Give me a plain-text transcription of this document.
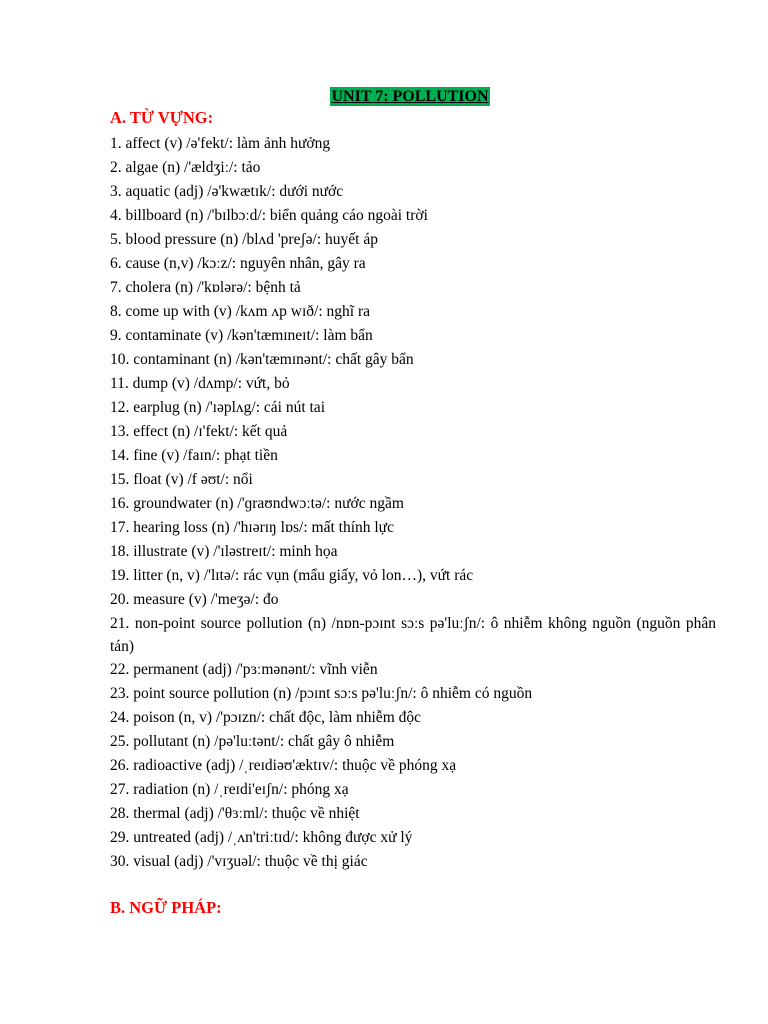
UNIT 7: POLLUTION
A. TỪ VỰNG:
1. affect (v) /ə'fekt/: làm ảnh hưởng
2. algae (n) /'ældʒiː/: tảo
3. aquatic (adj) /ə'kwætɪk/: dưới nước
4. billboard (n) /'bɪlbɔːd/: biển quảng cáo ngoài trời
5. blood pressure (n) /blʌd 'preʃə/: huyết áp
6. cause (n,v) /kɔːz/: nguyên nhân, gây ra
7. cholera (n) /'kɒlərə/: bệnh tả
8. come up with (v) /kʌm ʌp wɪð/: nghĩ ra
9. contaminate (v) /kən'tæmɪneɪt/: làm bẩn
10. contaminant (n) /kən'tæmɪnənt/: chất gây bẩn
11. dump (v) /dʌmp/: vứt, bỏ
12. earplug (n) /'ɪəplʌg/: cái nút tai
13. effect (n) /ɪ'fekt/: kết quả
14. fine (v) /faɪn/: phạt tiền
15. float (v) /f əʊt/: nổi
16. groundwater (n) /'ɡraʊndwɔːtə/: nước ngầm
17. hearing loss (n) /'hɪərɪŋ lɒs/: mất thính lực
18. illustrate (v) /'ɪləstreɪt/: minh họa
19. litter (n, v) /'lɪtə/: rác vụn (mẩu giấy, vỏ lon…), vứt rác
20. measure (v) /'meʒə/: đo
21. non-point source pollution (n) /nɒn-pɔɪnt sɔːs pə'luːʃn/: ô nhiễm không nguồn (nguồn phân tán)
22. permanent (adj) /'pɜːmənənt/: vĩnh viễn
23. point source pollution (n) /pɔɪnt sɔːs pə'luːʃn/: ô nhiễm có nguồn
24. poison (n, v) /'pɔɪzn/: chất độc, làm nhiễm độc
25. pollutant (n) /pə'luːtənt/: chất gây ô nhiễm
26. radioactive (adj) /ˌreɪdiəʊ'æktɪv/: thuộc về phóng xạ
27. radiation (n) /ˌreɪdi'eɪʃn/: phóng xạ
28. thermal (adj) /'θɜːml/: thuộc về nhiệt
29. untreated (adj) /ˌʌn'triːtɪd/: không được xử lý
30. visual (adj) /'vɪʒuəl/: thuộc về thị giác
B. NGỮ PHÁP:
